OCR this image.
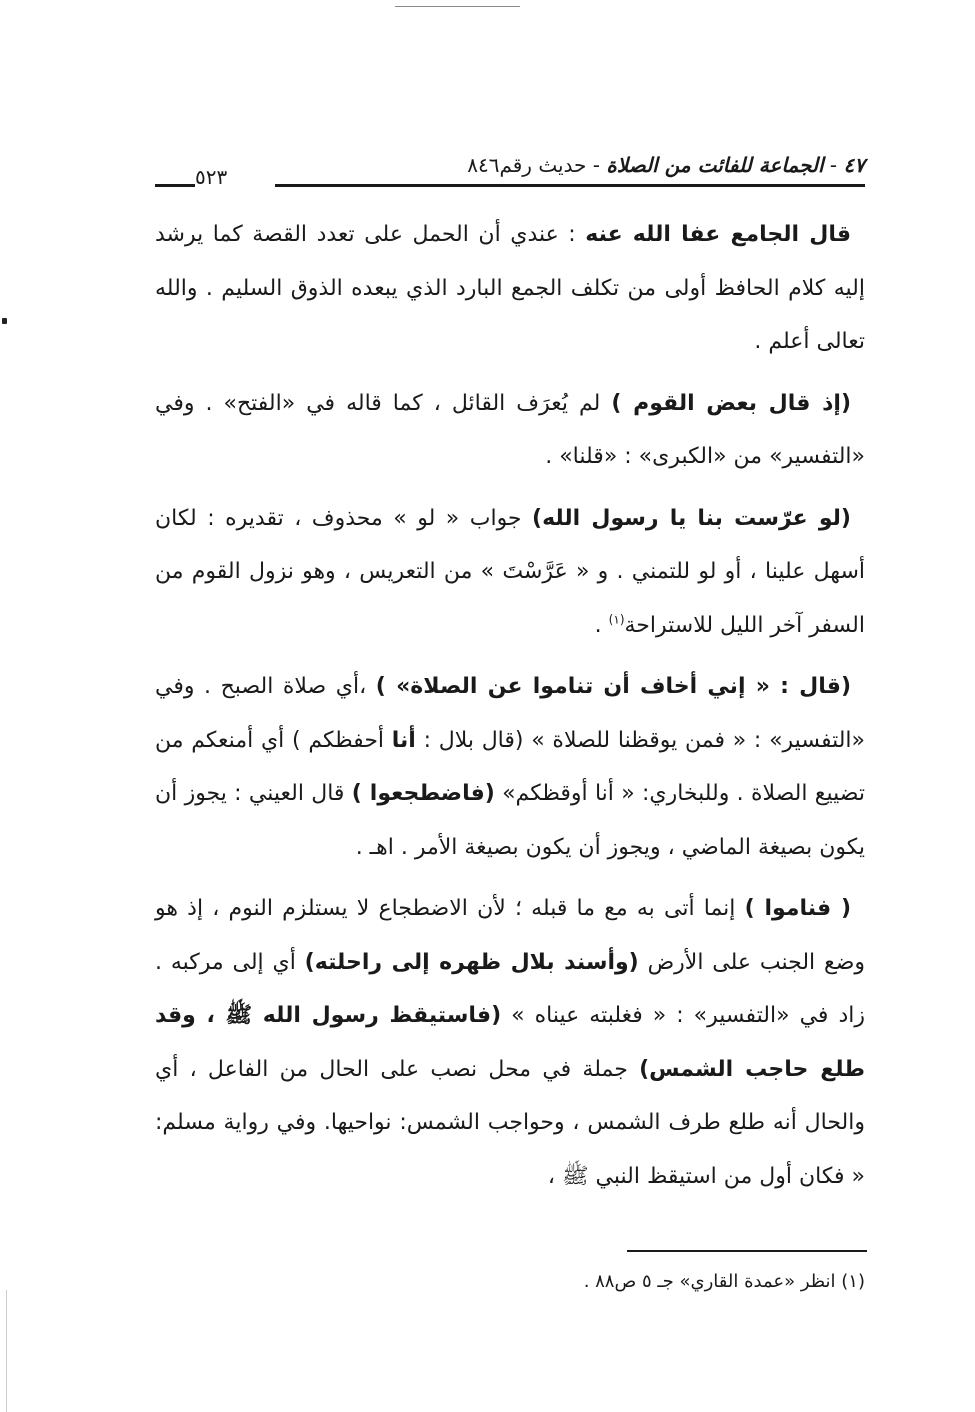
٤٧ - الجماعة للفائت من الصلاة - حديث رقم٨٤٦
٥٢٣

قال الجامع عفا الله عنه : عندي أن الحمل على تعدد القصة كما يرشد إليه كلام الحافظ أولى من تكلف الجمع البارد الذي يبعده الذوق السليم . والله تعالى أعلم .

(إذ قال بعض القوم ) لم يُعرَف القائل ، كما قاله في «الفتح» . وفي «التفسير» من «الكبرى» : «قلنا» .

(لو عرّست بنا يا رسول الله) جواب « لو » محذوف ، تقديره : لكان أسهل علينا ، أو لو للتمني . و « عَرَّسْتَ » من التعريس ، وهو نزول القوم من السفر آخر الليل للاستراحة$^{(١)}$ .

(قال : « إني أخاف أن تناموا عن الصلاة» ) ،أي صلاة الصبح . وفي «التفسير» : « فمن يوقظنا للصلاة » (قال بلال : أنا أحفظكم ) أي أمنعكم من تضييع الصلاة . وللبخاري: « أنا أوقظكم» (فاضطجعوا ) قال العيني : يجوز أن يكون بصيغة الماضي ، ويجوز أن يكون بصيغة الأمر . اهـ .

( فناموا ) إنما أتى به مع ما قبله ؛ لأن الاضطجاع لا يستلزم النوم ، إذ هو وضع الجنب على الأرض (وأسند بلال ظهره إلى راحلته) أي إلى مركبه . زاد في «التفسير» : « فغلبته عيناه » (فاستيقظ رسول الله ﷺ ، وقد طلع حاجب الشمس) جملة في محل نصب على الحال من الفاعل ، أي والحال أنه طلع طرف الشمس ، وحواجب الشمس: نواحيها. وفي رواية مسلم: « فكان أول من استيقظ النبي ﷺ ،

(١) انظر «عمدة القاري» جـ ٥ ص٨٨ .
